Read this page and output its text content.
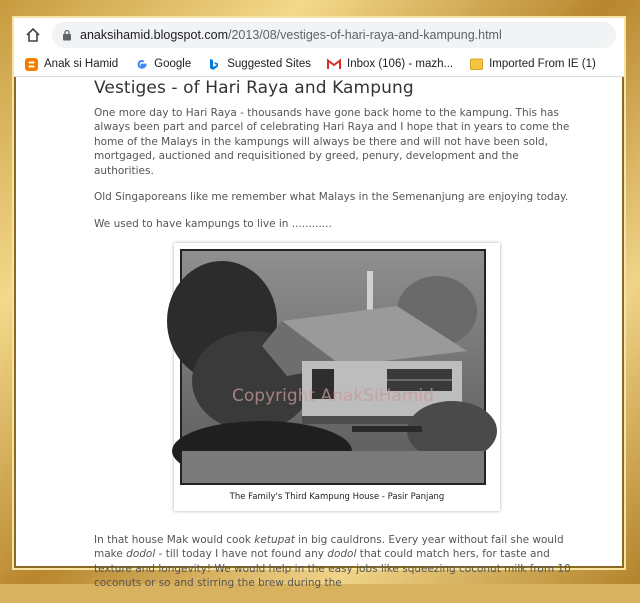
anaksihamid.blogspot.com /2013/08/vestiges-of-hari-raya-and-kampung.html
Anak si Hamid	Google	Suggested Sites	Inbox (106) - mazh...	Imported From IE (1)
Vestiges - of Hari Raya and Kampung

One more day to Hari Raya - thousands have gone back home to the kampung. This has always been part and parcel of celebrating Hari Raya and I hope that in years to come the home of the Malays in the kampungs will always be there and will not have been sold, mortgaged, auctioned and requisitioned by greed, penury, development and the authorities.

Old Singaporeans like me remember what Malays in the Semenanjung are enjoying today.

We used to have kampungs to live in ............

Copyright AnakSiHamid
The Family's Third Kampung House - Pasir Panjang

In that house Mak would cook ketupat in big cauldrons. Every year without fail she would make dodol - till today I have not found any dodol that could match hers, for taste and texture and longevity! We would help in the easy jobs like squeezing coconut milk from 10 coconuts or so and stirring the brew during the
